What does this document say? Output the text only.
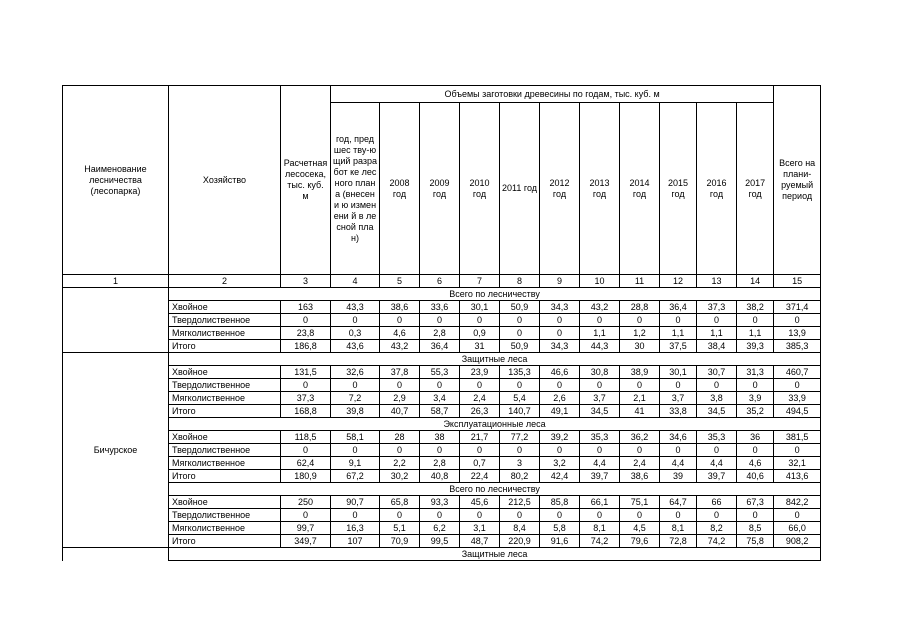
Наименование лесничества (лесопарка)	Хозяйство	Расчетная лесосека, тыс. куб. м	Объемы заготовки древесины по годам, тыс. куб. м											Всего на плани-руемый период
			год, предшес тву-ющий разработ ке лесного плана (внесени ю изменени й в лесной план)	2008 год	2009 год	2010 год	2011 год	2012 год	2013 год	2014 год	2015 год	2016 год	2017 год	
1	2	3	4	5	6	7	8	9	10	11	12	13	14	15
	Всего по лесничеству													
	Хвойное	163	43,3	38,6	33,6	30,1	50,9	34,3	43,2	28,8	36,4	37,3	38,2	371,4
	Твердолиственное	0	0	0	0	0	0	0	0	0	0	0	0	0
	Мягколиственное	23,8	0,3	4,6	2,8	0,9	0	0	1,1	1,2	1,1	1,1	1,1	13,9
	Итого	186,8	43,6	43,2	36,4	31	50,9	34,3	44,3	30	37,5	38,4	39,3	385,3
Бичурское	Защитные леса													
	Хвойное	131,5	32,6	37,8	55,3	23,9	135,3	46,6	30,8	38,9	30,1	30,7	31,3	460,7
	Твердолиственное	0	0	0	0	0	0	0	0	0	0	0	0	0
	Мягколиственное	37,3	7,2	2,9	3,4	2,4	5,4	2,6	3,7	2,1	3,7	3,8	3,9	33,9
	Итого	168,8	39,8	40,7	58,7	26,3	140,7	49,1	34,5	41	33,8	34,5	35,2	494,5
	Эксплуатационные леса													
	Хвойное	118,5	58,1	28	38	21,7	77,2	39,2	35,3	36,2	34,6	35,3	36	381,5
	Твердолиственное	0	0	0	0	0	0	0	0	0	0	0	0	0
	Мягколиственное	62,4	9,1	2,2	2,8	0,7	3	3,2	4,4	2,4	4,4	4,4	4,6	32,1
	Итого	180,9	67,2	30,2	40,8	22,4	80,2	42,4	39,7	38,6	39	39,7	40,6	413,6
	Всего по лесничеству													
	Хвойное	250	90,7	65,8	93,3	45,6	212,5	85,8	66,1	75,1	64,7	66	67,3	842,2
	Твердолиственное	0	0	0	0	0	0	0	0	0	0	0	0	0
	Мягколиственное	99,7	16,3	5,1	6,2	3,1	8,4	5,8	8,1	4,5	8,1	8,2	8,5	66,0
	Итого	349,7	107	70,9	99,5	48,7	220,9	91,6	74,2	79,6	72,8	74,2	75,8	908,2
	Защитные леса													
